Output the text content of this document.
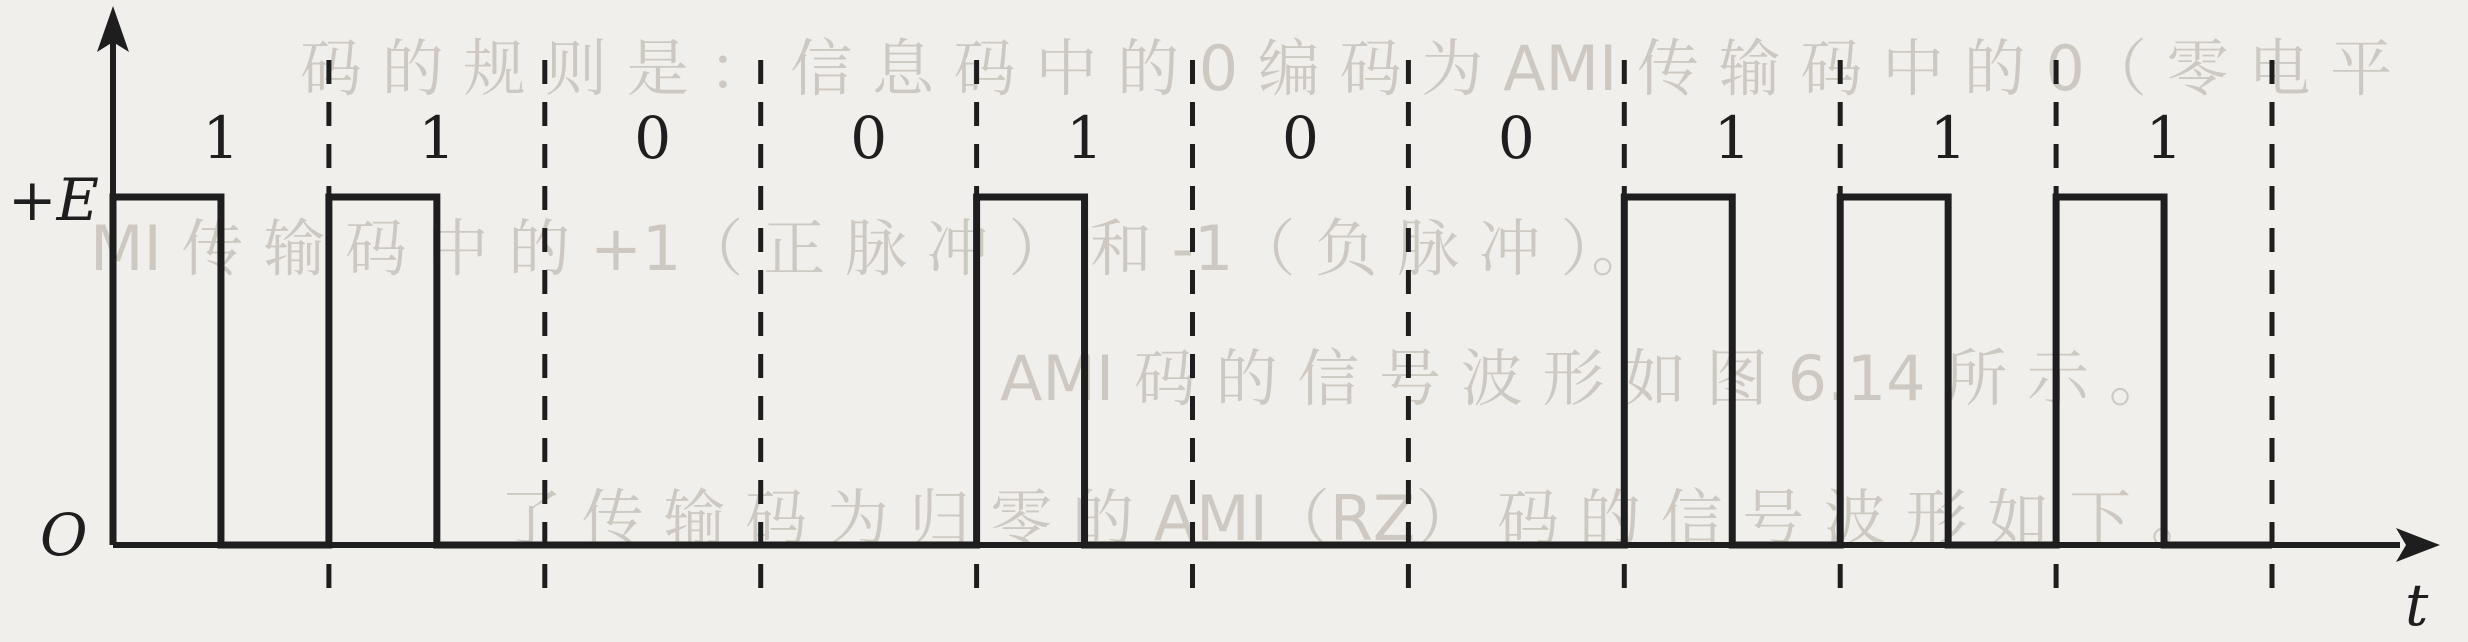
码 的 规 则 是 ： 信 息 码 中 的 0 编 码 为 AMI 传 输 码 中 的 0（ 零 电 平
MI 传 输 码 中 的 +1（ 正 脉 冲 ） 和 -1（ 负 脉 冲 ）。
AMI 码 的 信 号 波 形 如 图 6.14 所 示 。
了 传 输 码 为 归 零 的 AMI（RZ） 码 的 信 号 波 形 如 下 。
+E
O
t
1	1	0	0	1	0	0	1	1	1
